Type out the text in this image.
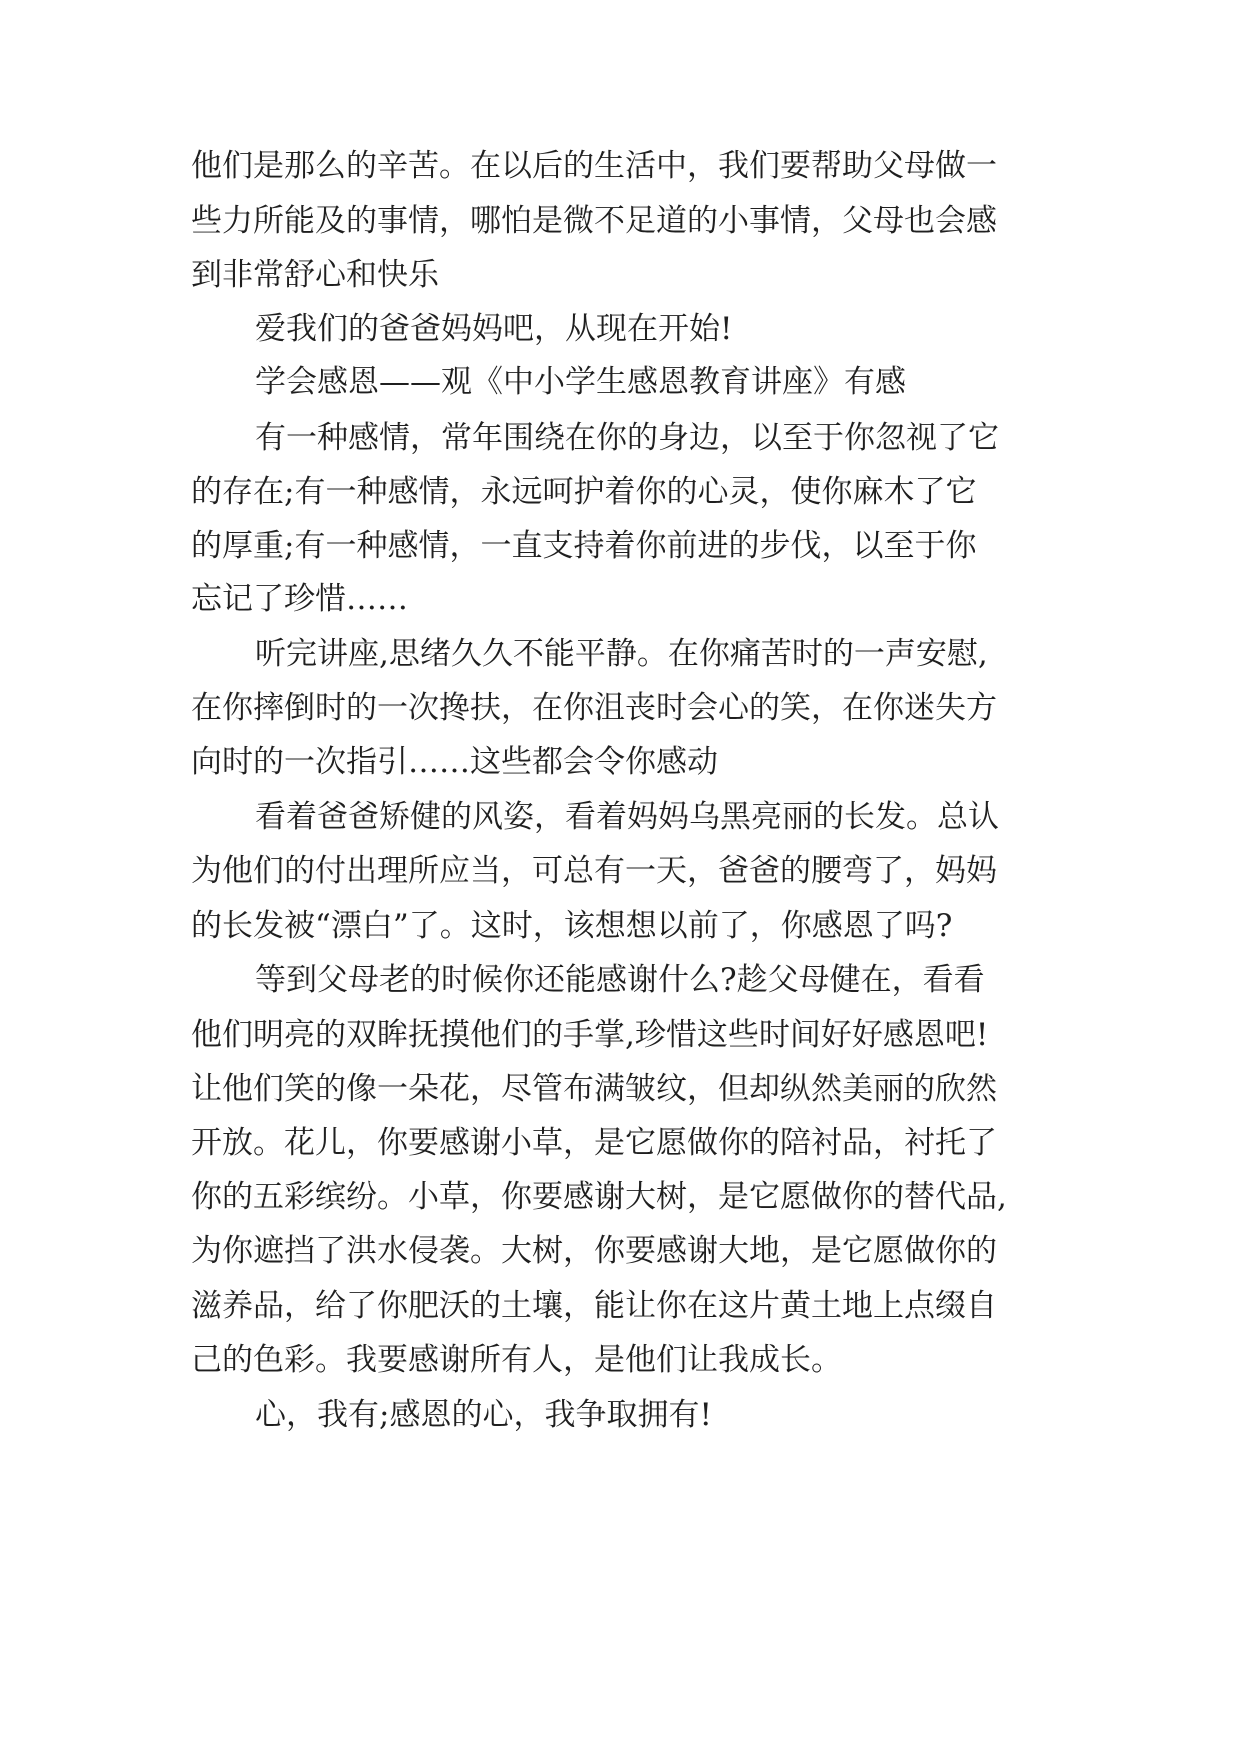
他们是那么的辛苦。在以后的生活中，我们要帮助父母做一
些力所能及的事情，哪怕是微不足道的小事情，父母也会感
到非常舒心和快乐
爱我们的爸爸妈妈吧，从现在开始!
学会感恩——观《中小学生感恩教育讲座》有感
有一种感情，常年围绕在你的身边，以至于你忽视了它
的存在;有一种感情，永远呵护着你的心灵，使你麻木了它
的厚重;有一种感情，一直支持着你前进的步伐，以至于你
忘记了珍惜……
听完讲座,思绪久久不能平静。在你痛苦时的一声安慰,
在你摔倒时的一次搀扶，在你沮丧时会心的笑，在你迷失方
向时的一次指引……这些都会令你感动
看着爸爸矫健的风姿，看着妈妈乌黑亮丽的长发。总认
为他们的付出理所应当，可总有一天，爸爸的腰弯了，妈妈
的长发被“漂白”了。这时，该想想以前了，你感恩了吗?
等到父母老的时候你还能感谢什么?趁父母健在，看看
他们明亮的双眸抚摸他们的手掌,珍惜这些时间好好感恩吧!
让他们笑的像一朵花，尽管布满皱纹，但却纵然美丽的欣然
开放。花儿，你要感谢小草，是它愿做你的陪衬品，衬托了
你的五彩缤纷。小草，你要感谢大树，是它愿做你的替代品,
为你遮挡了洪水侵袭。大树，你要感谢大地，是它愿做你的
滋养品，给了你肥沃的土壤，能让你在这片黄土地上点缀自
己的色彩。我要感谢所有人，是他们让我成长。
心，我有;感恩的心，我争取拥有!
